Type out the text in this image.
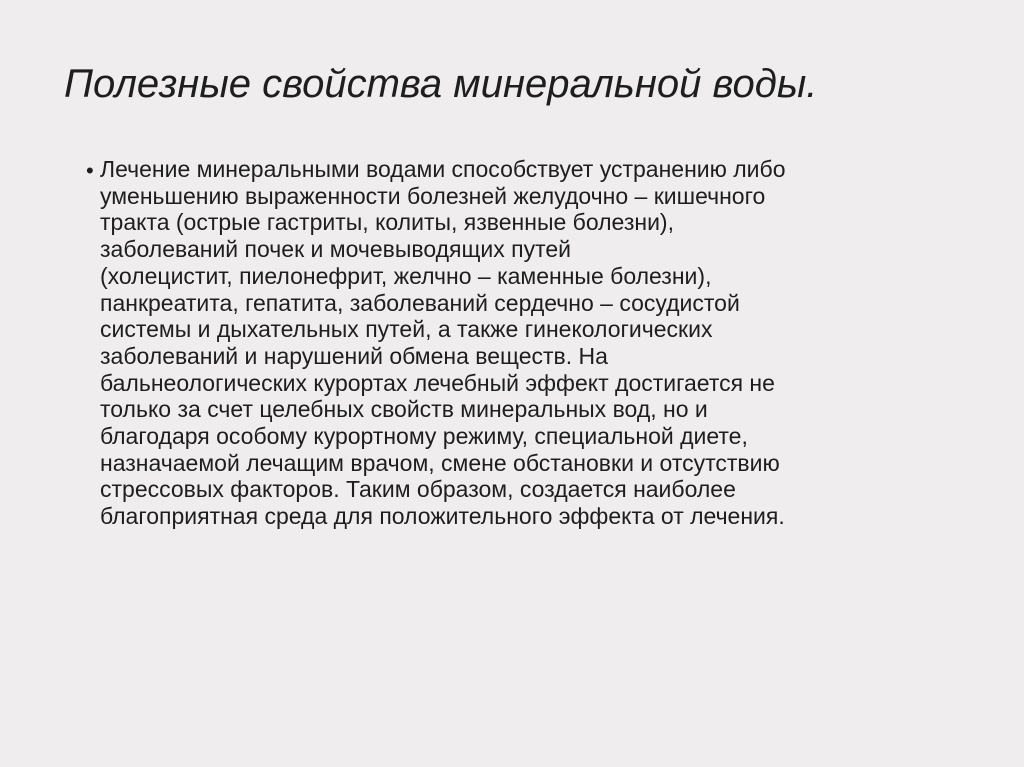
Полезные свойства минеральной воды.
• Лечение минеральными водами способствует устранению либо
уменьшению выраженности болезней желудочно – кишечного
тракта (острые гастриты, колиты, язвенные болезни),
заболеваний почек и мочевыводящих путей
(холецистит, пиелонефрит, желчно – каменные болезни),
панкреатита, гепатита, заболеваний сердечно – сосудистой
системы и дыхательных путей, а также гинекологических
заболеваний и нарушений обмена веществ. На
бальнеологических курортах лечебный эффект достигается не
только за счет целебных свойств минеральных вод, но и
благодаря особому курортному режиму, специальной диете,
назначаемой лечащим врачом, смене обстановки и отсутствию
стрессовых факторов. Таким образом, создается наиболее
благоприятная среда для положительного эффекта от лечения.
